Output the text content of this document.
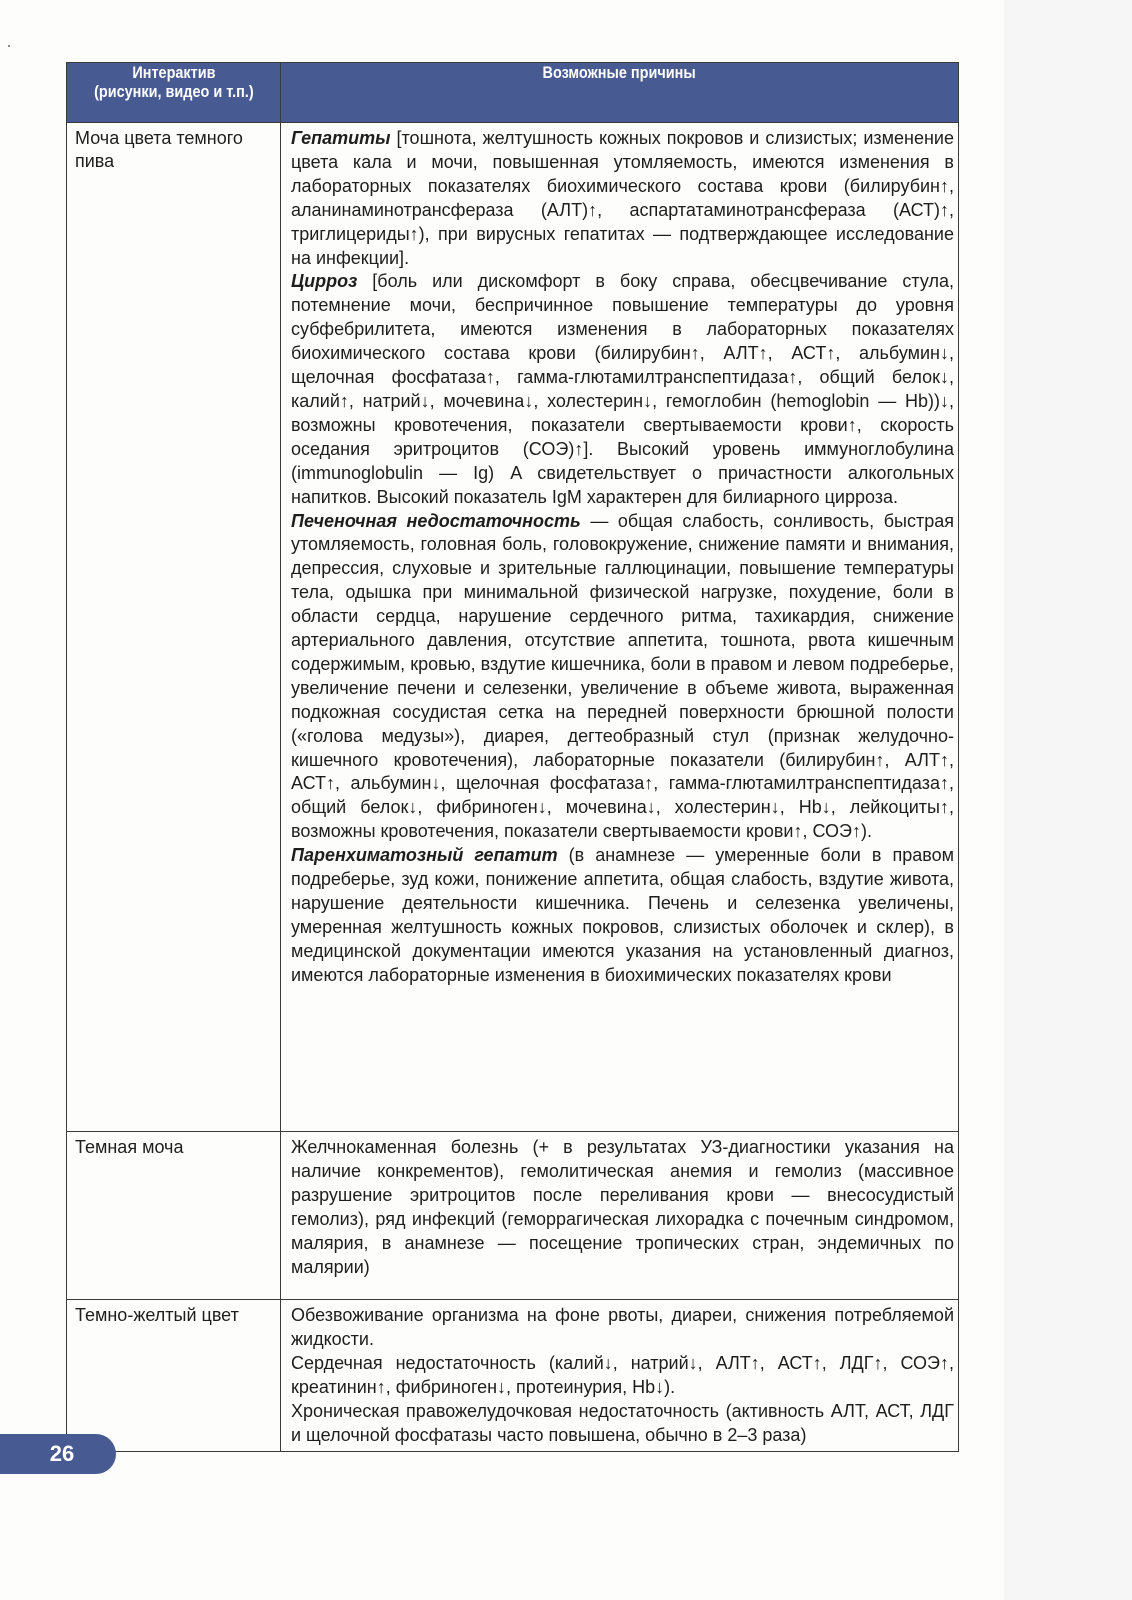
Интерактив
(рисунки, видео и т.п.)	Возможные причины
Моча цвета темного пива	Гепатиты [тошнота, желтушность кожных покровов и слизистых; изменение цвета кала и мочи, повышенная утомляемость, имеются изменения в лабораторных показателях биохимического состава крови (билирубин↑, аланинаминотрансфераза (АЛТ)↑, аспартатаминотрансфераза (АСТ)↑, триглицериды↑), при вирусных гепатитах — подтверждающее исследование на инфекции].
Цирроз [боль или дискомфорт в боку справа, обесцвечивание стула, потемнение мочи, беспричинное повышение температуры до уровня субфебрилитета, имеются изменения в лабораторных показателях биохимического состава крови (билирубин↑, АЛТ↑, АСТ↑, альбумин↓, щелочная фосфатаза↑, гамма-глютамилтранспептидаза↑, общий белок↓, калий↑, натрий↓, мочевина↓, холестерин↓, гемоглобин (hemoglobin — Hb))↓, возможны кровотечения, показатели свертываемости крови↑, скорость оседания эритроцитов (СОЭ)↑]. Высокий уровень иммуноглобулина (immunoglobulin — Ig) A свидетельствует о причастности алкогольных напитков. Высокий показатель IgM характерен для билиарного цирроза.
Печеночная недостаточность — общая слабость, сонливость, быстрая утомляемость, головная боль, головокружение, снижение памяти и внимания, депрессия, слуховые и зрительные галлюцинации, повышение температуры тела, одышка при минимальной физической нагрузке, похудение, боли в области сердца, нарушение сердечного ритма, тахикардия, снижение артериального давления, отсутствие аппетита, тошнота, рвота кишечным содержимым, кровью, вздутие кишечника, боли в правом и левом подреберье, увеличение печени и селезенки, увеличение в объеме живота, выраженная подкожная сосудистая сетка на передней поверхности брюшной полости («голова медузы»), диарея, дегтеобразный стул (признак желудочно-кишечного кровотечения), лабораторные показатели (билирубин↑, АЛТ↑, АСТ↑, альбумин↓, щелочная фосфатаза↑, гамма-глютамилтранспептидаза↑, общий белок↓, фибриноген↓, мочевина↓, холестерин↓, Hb↓, лейкоциты↑, возможны кровотечения, показатели свертываемости крови↑, СОЭ↑).
Паренхиматозный гепатит (в анамнезе — умеренные боли в правом подреберье, зуд кожи, понижение аппетита, общая слабость, вздутие живота, нарушение деятельности кишечника. Печень и селезенка увеличены, умеренная желтушность кожных покровов, слизистых оболочек и склер), в медицинской документации имеются указания на установленный диагноз, имеются лабораторные изменения в биохимических показателях крови

Темная моча	Желчнокаменная болезнь (+ в результатах УЗ-диагностики указания на наличие конкрементов), гемолитическая анемия и гемолиз (массивное разрушение эритроцитов после переливания крови — внесосудистый гемолиз), ряд инфекций (геморрагическая лихорадка с почечным синдромом, малярия, в анамнезе — посещение тропических стран, эндемичных по малярии)

Темно-желтый цвет	Обезвоживание организма на фоне рвоты, диареи, снижения потребляемой жидкости.
Сердечная недостаточность (калий↓, натрий↓, АЛТ↑, АСТ↑, ЛДГ↑, СОЭ↑, креатинин↑, фибриноген↓, протеинурия, Hb↓).
Хроническая правожелудочковая недостаточность (активность АЛТ, АСТ, ЛДГ и щелочной фосфатазы часто повышена, обычно в 2–3 раза)
26
